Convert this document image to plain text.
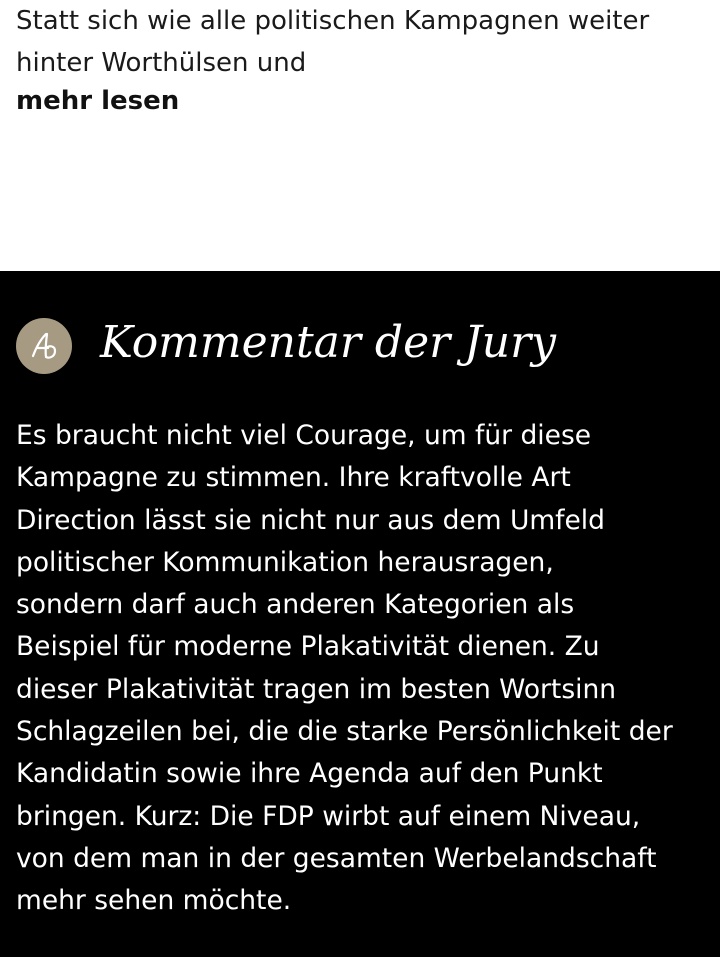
Statt sich wie alle politischen Kampagnen weiter
hinter Worthülsen und

mehr lesen
Kommentar der Jury

Es braucht nicht viel Courage, um für diese
Kampagne zu stimmen. Ihre kraftvolle Art
Direction lässt sie nicht nur aus dem Umfeld
politischer Kommunikation herausragen,
sondern darf auch anderen Kategorien als
Beispiel für moderne Plakativität dienen. Zu
dieser Plakativität tragen im besten Wortsinn
Schlagzeilen bei, die die starke Persönlichkeit der
Kandidatin sowie ihre Agenda auf den Punkt
bringen. Kurz: Die FDP wirbt auf einem Niveau,
von dem man in der gesamten Werbelandschaft
mehr sehen möchte.
